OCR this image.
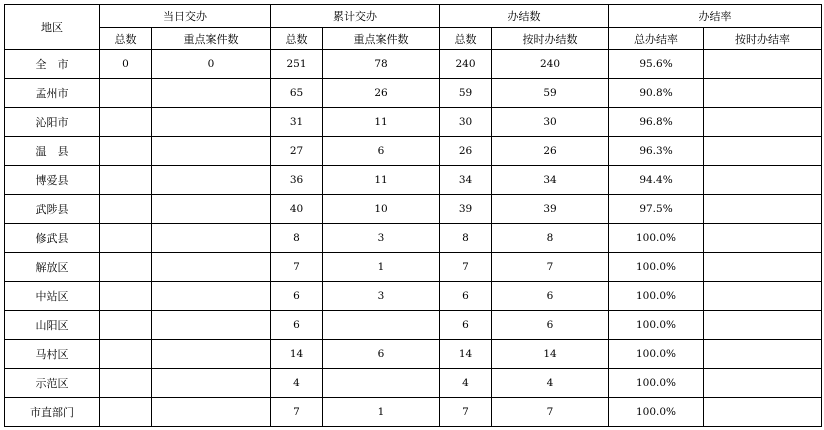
地区	当日交办		累计交办		办结数		办结率	
	总数	重点案件数	总数	重点案件数	总数	按时办结数	总办结率	按时办结率
全　市	0	0	251	78	240	240	95.6%	
孟州市			65	26	59	59	90.8%	
沁阳市			31	11	30	30	96.8%	
温　县			27	6	26	26	96.3%	
博爱县			36	11	34	34	94.4%	
武陟县			40	10	39	39	97.5%	
修武县			8	3	8	8	100.0%	
解放区			7	1	7	7	100.0%	
中站区			6	3	6	6	100.0%	
山阳区			6		6	6	100.0%	
马村区			14	6	14	14	100.0%	
示范区			4		4	4	100.0%	
市直部门			7	1	7	7	100.0%	
